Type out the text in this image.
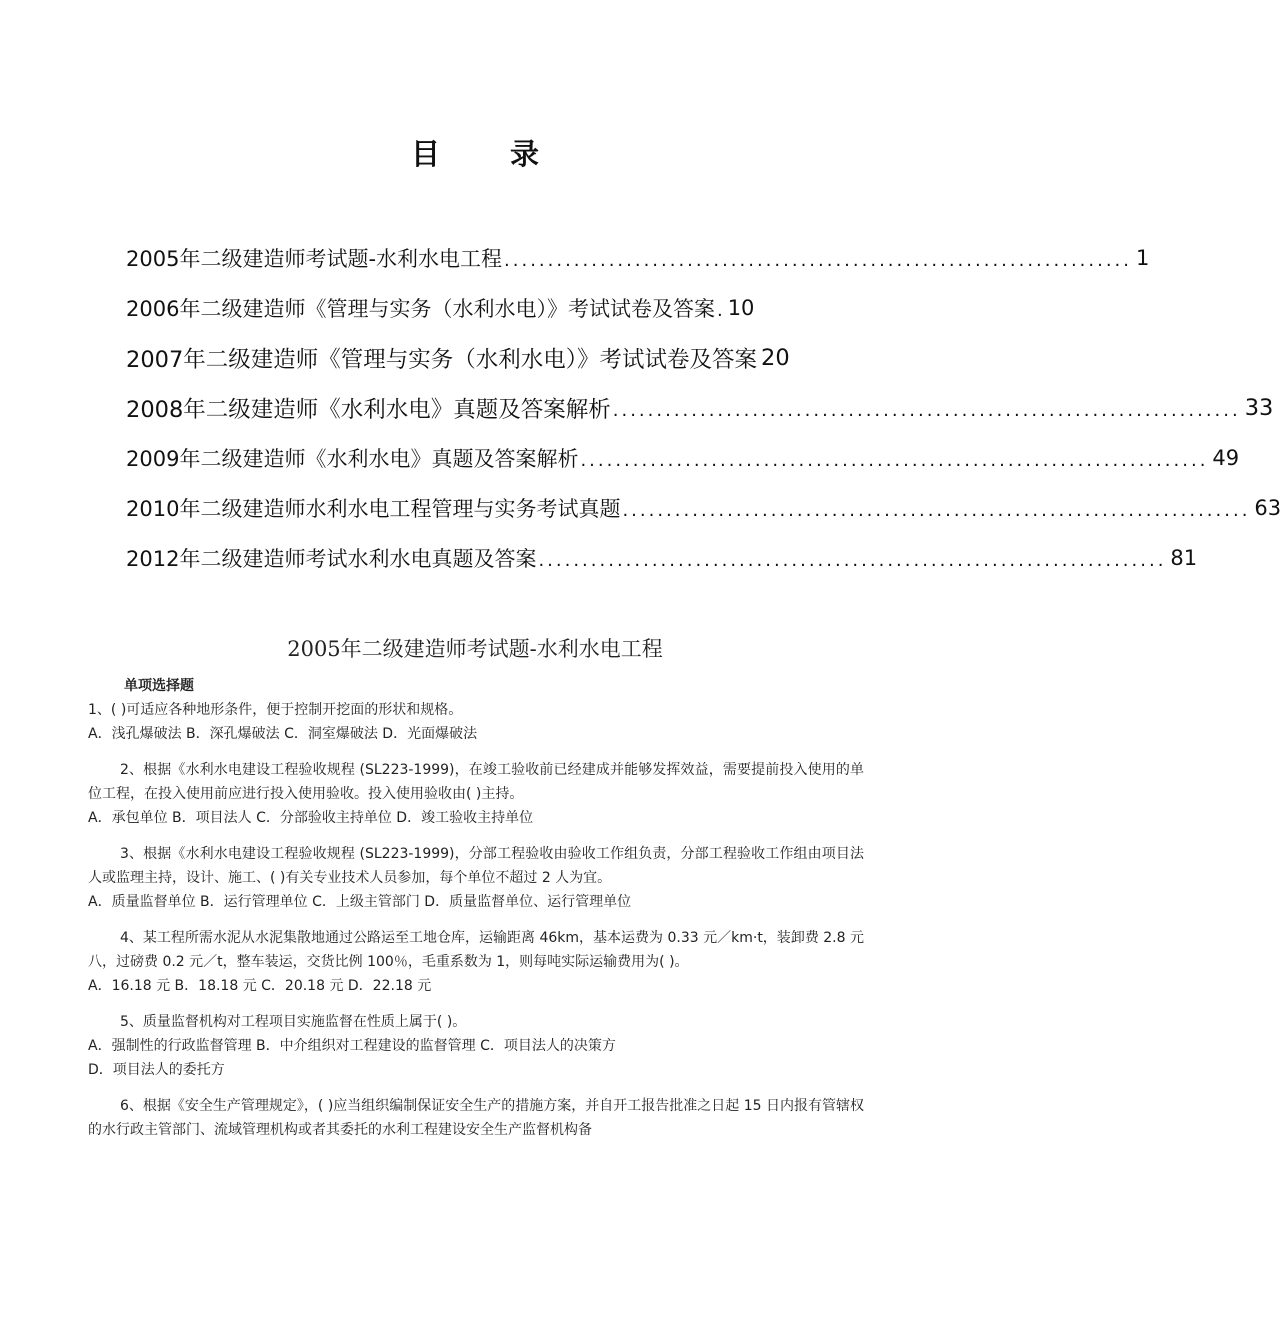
目 录
2005年二级建造师考试题-水利水电工程 ........................................................................ 1
2006年二级建造师《管理与实务（水利水电）》考试试卷及答案 . 10
2007年二级建造师《管理与实务（水利水电）》考试试卷及答案 20
2008年二级建造师《水利水电》真题及答案解析 ........................................................................ 33
2009年二级建造师《水利水电》真题及答案解析 ........................................................................ 49
2010年二级建造师水利水电工程管理与实务考试真题 ........................................................................ 63
2012年二级建造师考试水利水电真题及答案 ........................................................................ 81
2005年二级建造师考试题-水利水电工程
单项选择题

1、( )可适应各种地形条件，便于控制开挖面的形状和规格。

A．浅孔爆破法 B．深孔爆破法 C．洞室爆破法 D．光面爆破法

2、根据《水利水电建设工程验收规程 (SL223-1999)，在竣工验收前已经建成并能够发挥效益，需要提前投入使用的单位工程，在投入使用前应进行投入使用验收。投入使用验收由( )主持。

A．承包单位 B．项目法人 C．分部验收主持单位 D．竣工验收主持单位

3、根据《水利水电建设工程验收规程 (SL223-1999)，分部工程验收由验收工作组负责，分部工程验收工作组由项目法人或监理主持，设计、施工、( )有关专业技术人员参加，每个单位不超过 2 人为宜。

A．质量监督单位 B．运行管理单位 C．上级主管部门 D．质量监督单位、运行管理单位

4、某工程所需水泥从水泥集散地通过公路运至工地仓库，运输距离 46km，基本运费为 0.33 元／km·t，装卸费 2.8 元八，过磅费 0.2 元／t，整车装运，交货比例 100％，毛重系数为 1，则每吨实际运输费用为( )。

A．16.18 元 B．18.18 元 C．20.18 元 D．22.18 元

5、质量监督机构对工程项目实施监督在性质上属于( )。

A．强制性的行政监督管理 B．中介组织对工程建设的监督管理 C．项目法人的决策方

D．项目法人的委托方

6、根据《安全生产管理规定》，( )应当组织编制保证安全生产的措施方案，并自开工报告批准之日起 15 日内报有管辖权的水行政主管部门、流域管理机构或者其委托的水利工程建设安全生产监督机构备
